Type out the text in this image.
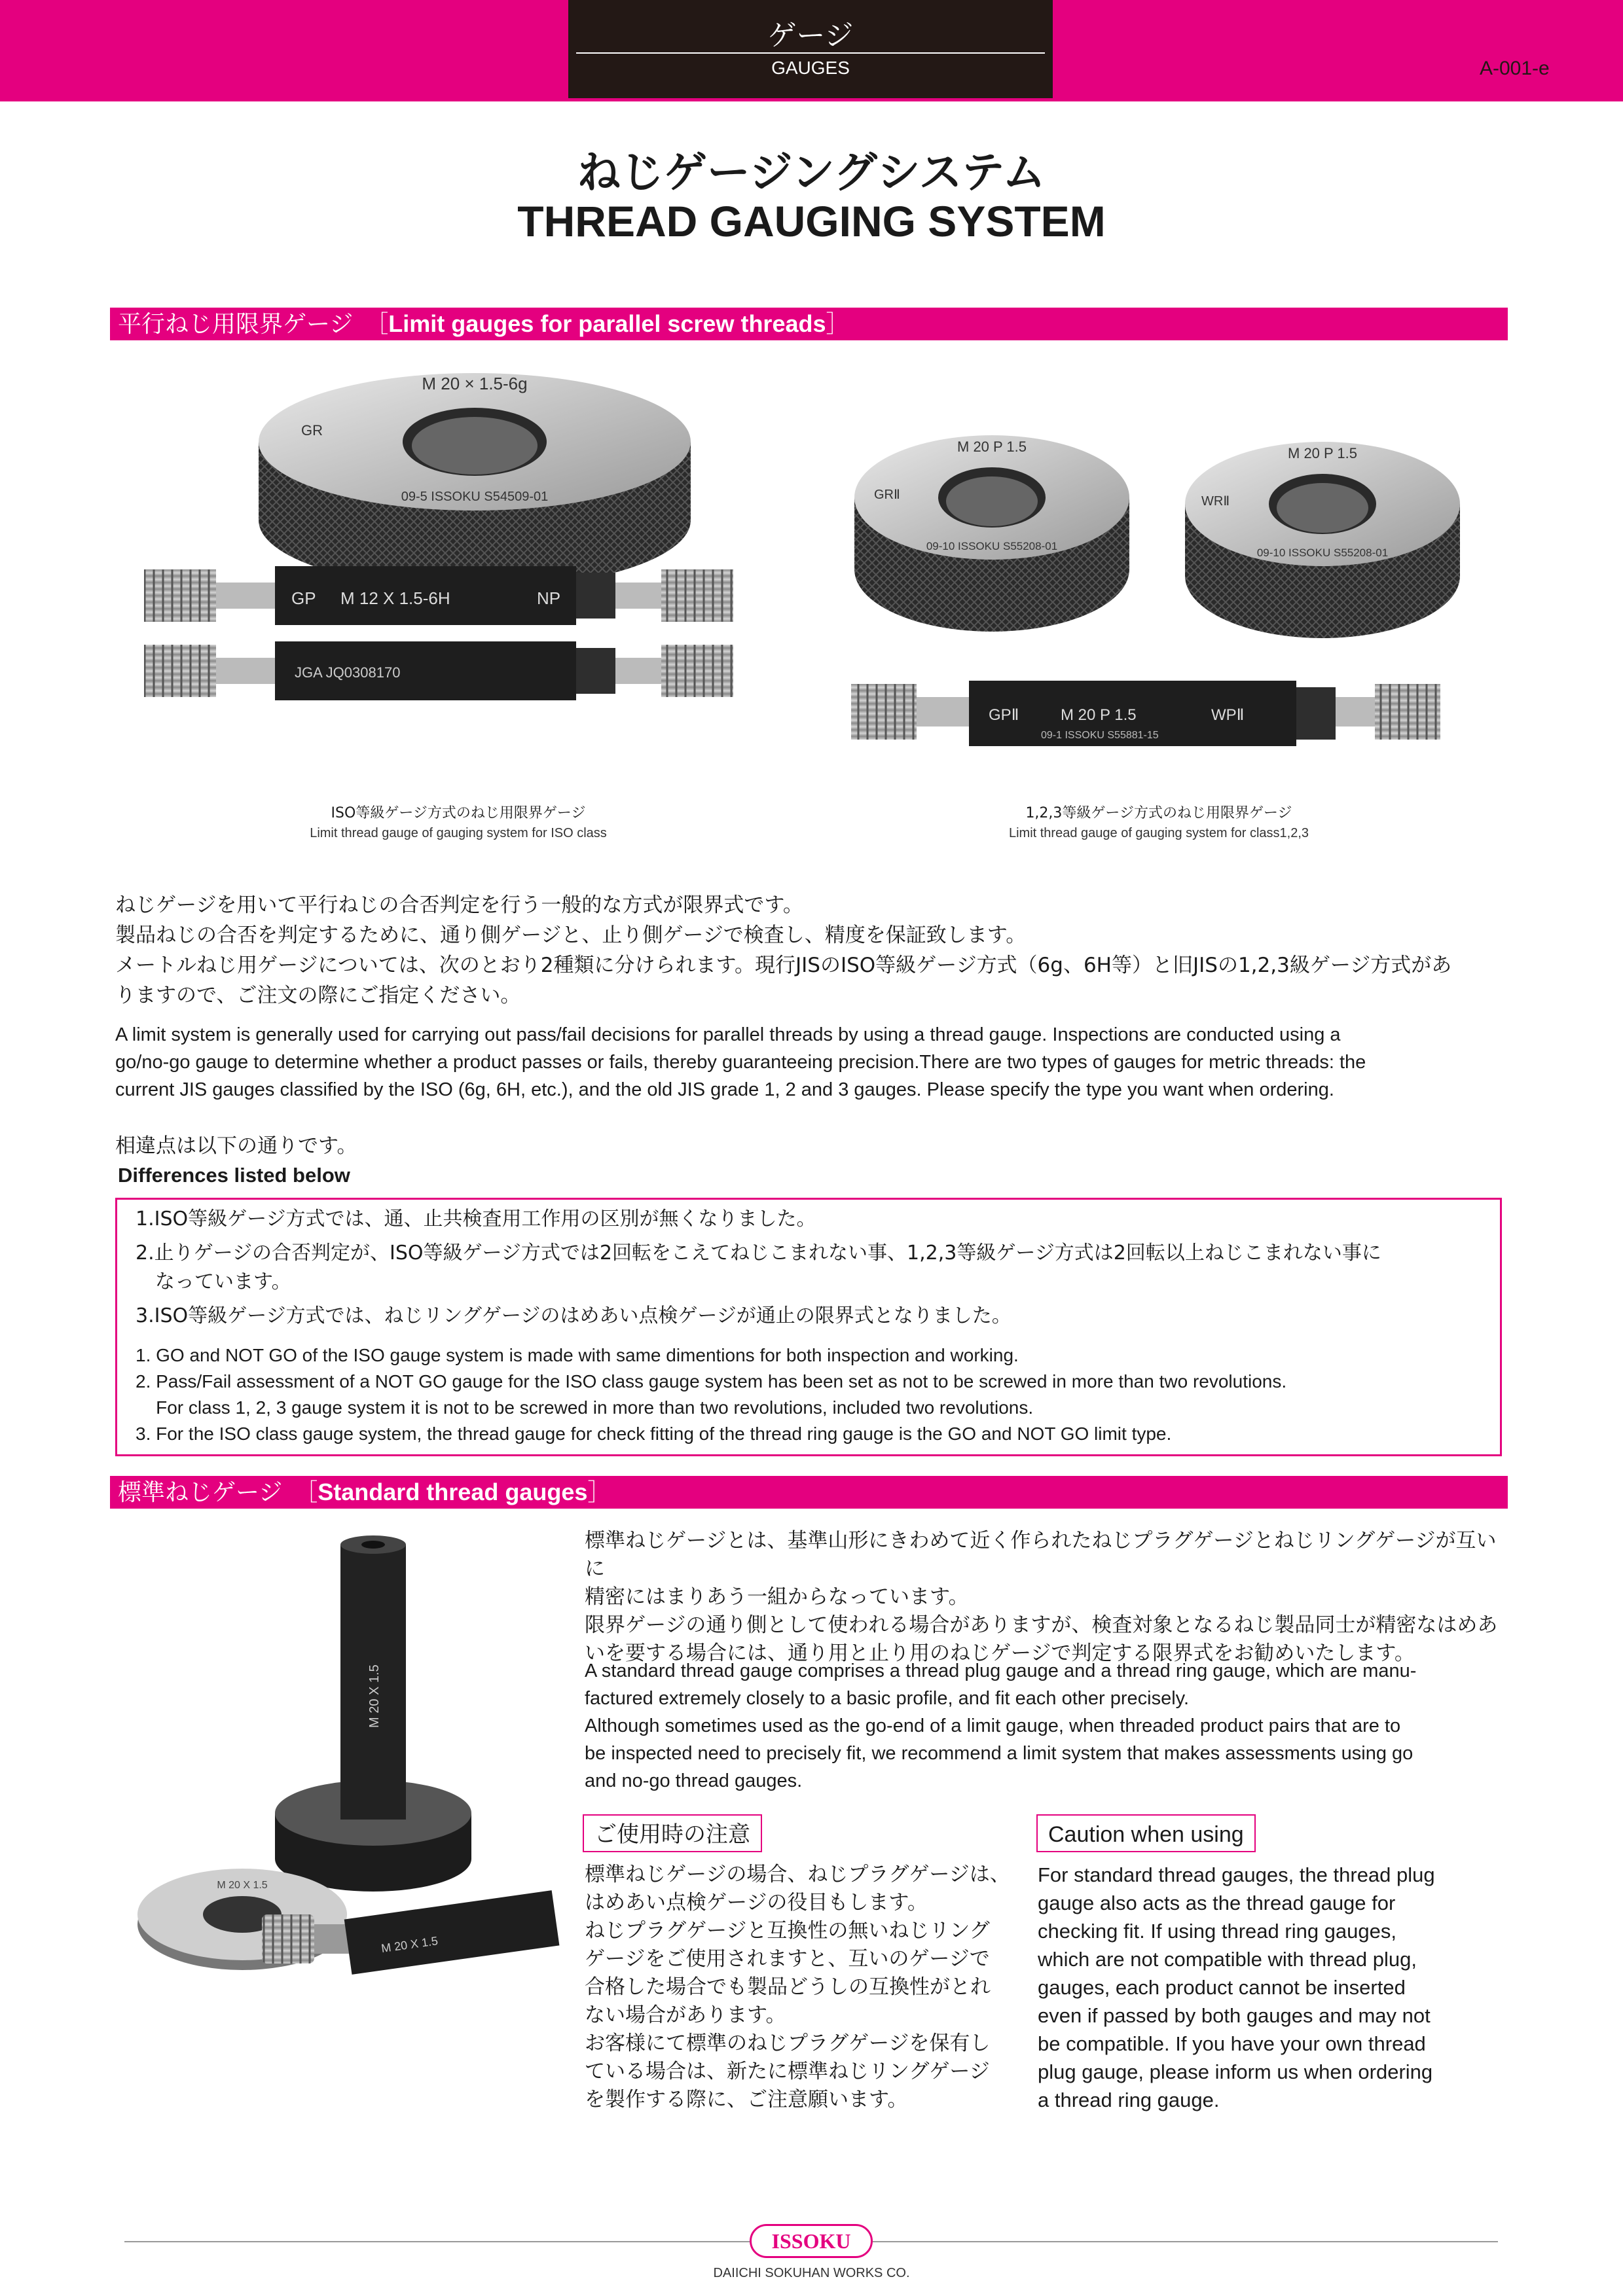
ゲージ
GAUGES	A-001-e
ねじゲージングシステム
THREAD GAUGING SYSTEM
平行ねじ用限界ゲージ　［Limit gauges for parallel screw threads］
M 20 × 1.5-6g
GR
09-5 ISSOKU S54509-01
GP M 12 X 1.5-6H	NP
JGA JQ0308170
ISO等級ゲージ方式のねじ用限界ゲージ
Limit thread gauge of gauging system for ISO class
M 20 P 1.5
GRⅡ
09-10 ISSOKU S55208-01
M 20 P 1.5
WRⅡ
09-10 ISSOKU S55208-01
GPⅡ	M 20 P 1.5	WPⅡ
09-1 ISSOKU S55881-15
1,2,3等級ゲージ方式のねじ用限界ゲージ
Limit thread gauge of gauging system for class1,2,3
ねじゲージを用いて平行ねじの合否判定を行う一般的な方式が限界式です。
製品ねじの合否を判定するために、通り側ゲージと、止り側ゲージで検査し、精度を保証致します。
メートルねじ用ゲージについては、次のとおり2種類に分けられます。現行JISのISO等級ゲージ方式（6g、6H等）と旧JISの1,2,3級ゲージ方式があ
りますので、ご注文の際にご指定ください。
A limit system is generally used for carrying out pass/fail decisions for parallel threads by using a thread gauge. Inspections are conducted using a
go/no-go gauge to determine whether a product passes or fails, thereby guaranteeing precision.There are two types of gauges for metric threads: the
current JIS gauges classified by the ISO (6g, 6H, etc.), and the old JIS grade 1, 2 and 3 gauges. Please specify the type you want when ordering.
相違点は以下の通りです。
Differences listed below
1.ISO等級ゲージ方式では、通、止共検査用工作用の区別が無くなりました。
2.止りゲージの合否判定が、ISO等級ゲージ方式では2回転をこえてねじこまれない事、1,2,3等級ゲージ方式は2回転以上ねじこまれない事に
　なっています。
3.ISO等級ゲージ方式では、ねじリングゲージのはめあい点検ゲージが通止の限界式となりました。
1. GO and NOT GO of the ISO gauge system is made with same dimentions for both inspection and working.
2. Pass/Fail assessment of a NOT GO gauge for the ISO class gauge system has been set as not to be screwed in more than two revolutions.
For class 1, 2, 3 gauge system it is not to be screwed in more than two revolutions, included two revolutions.
3. For the ISO class gauge system, the thread gauge for check fitting of the thread ring gauge is the GO and NOT GO limit type.
標準ねじゲージ　［Standard thread gauges］
M 20 X 1.5
M 20 X 1.5
M 20 X 1.5
標準ねじゲージとは、基準山形にきわめて近く作られたねじプラグゲージとねじリングゲージが互いに
精密にはまりあう一組からなっています。
限界ゲージの通り側として使われる場合がありますが、検査対象となるねじ製品同士が精密なはめあ
いを要する場合には、通り用と止り用のねじゲージで判定する限界式をお勧めいたします。
A standard thread gauge comprises a thread plug gauge and a thread ring gauge, which are manu-
factured extremely closely to a basic profile, and fit each other precisely.
Although sometimes used as the go-end of a limit gauge, when threaded product pairs that are to
be inspected need to precisely fit, we recommend a limit system that makes assessments using go
and no-go thread gauges.
ご使用時の注意
標準ねじゲージの場合、ねじプラグゲージは、
はめあい点検ゲージの役目もします。
ねじプラグゲージと互換性の無いねじリング
ゲージをご使用されますと、互いのゲージで
合格した場合でも製品どうしの互換性がとれ
ない場合があります。
お客様にて標準のねじプラグゲージを保有し
ている場合は、新たに標準ねじリングゲージ
を製作する際に、ご注意願います。
Caution when using
For standard thread gauges, the thread plug
gauge also acts as the thread gauge for
checking fit. If using thread ring gauges,
which are not compatible with thread plug,
gauges, each product cannot be inserted
even if passed by both gauges and may not
be compatible. If you have your own thread
plug gauge, please inform us when ordering
a thread ring gauge.
ISSOKU
DAIICHI SOKUHAN WORKS CO.
